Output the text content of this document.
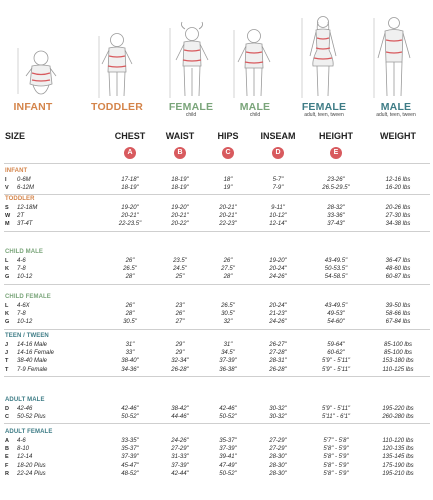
INFANT	TODDLER	FEMALE
child
MALE
child
FEMALE
adult, teen, tween
MALE
adult, teen, tween
SIZE	CHEST	WAIST	HIPS	INSEAM	HEIGHT	WEIGHT
A	B	C	D	E
INFANT
I 0-6M	17-18"	18-19"	18"	5-7"	23-26"	12-16 lbs
V 6-12M	18-19"	18-19"	19"	7-9"	26.5-29.5"	16-20 lbs
TODDLER
S 12-18M	19-20"	19-20"	20-21"	9-11"	28-32"	20-26 lbs
W 2T	20-21"	20-21"	20-21"	10-12"	33-36"	27-30 lbs
M 3T-4T	22-23.5"	20-22"	22-23"	12-14"	37-43"	34-38 lbs
CHILD MALE
L 4-6	26"	23.5"	26"	19-20"	43-49.5"	36-47 lbs
K 7-8	26.5"	24.5"	27.5"	20-24"	50-53.5"	48-60 lbs
G 10-12	28"	25"	28"	24-26"	54-58.5"	60-87 lbs
CHILD FEMALE
L 4-6X	26"	23"	26.5"	20-24"	43-49.5"	39-50 lbs
K 7-8	28"	26"	30.5"	21-23"	49-53"	58-66 lbs
G 10-12	30.5"	27"	32"	24-26"	54-60"	67-84 lbs
TEEN / TWEEN
J 14-16 Male	31"	29"	31"	26-27"	59-64"	85-100 lbs
J 14-16 Female	33"	29"	34.5"	27-28"	60-62"	85-100 lbs
T 38-40 Male	38-40"	32-34"	37-39"	28-31"	5'9" - 5'11"	153-180 lbs
T 7-9 Female	34-36"	26-28"	36-38"	26-28"	5'9" - 5'11"	110-125 lbs
ADULT MALE
D 42-46	42-46"	38-42"	42-46"	30-32"	5'9" - 5'11"	195-220 lbs
C 50-52 Plus	50-52"	44-46"	50-52"	30-32"	5'11" - 6'1"	260-280 lbs
ADULT FEMALE
A 4-6	33-35"	24-26"	35-37"	27-29"	5'7" - 5'8"	110-120 lbs
B 8-10	35-37"	27-29"	37-39"	27-29"	5'8" - 5'9"	120-135 lbs
E 12-14	37-39"	31-33"	39-41"	28-30"	5'8" - 5'9"	135-145 lbs
F 18-20 Plus	45-47"	37-39"	47-49"	28-30"	5'8" - 5'9"	175-190 lbs
R 22-24 Plus	48-52"	42-44"	50-52"	28-30"	5'8" - 5'9"	195-210 lbs
